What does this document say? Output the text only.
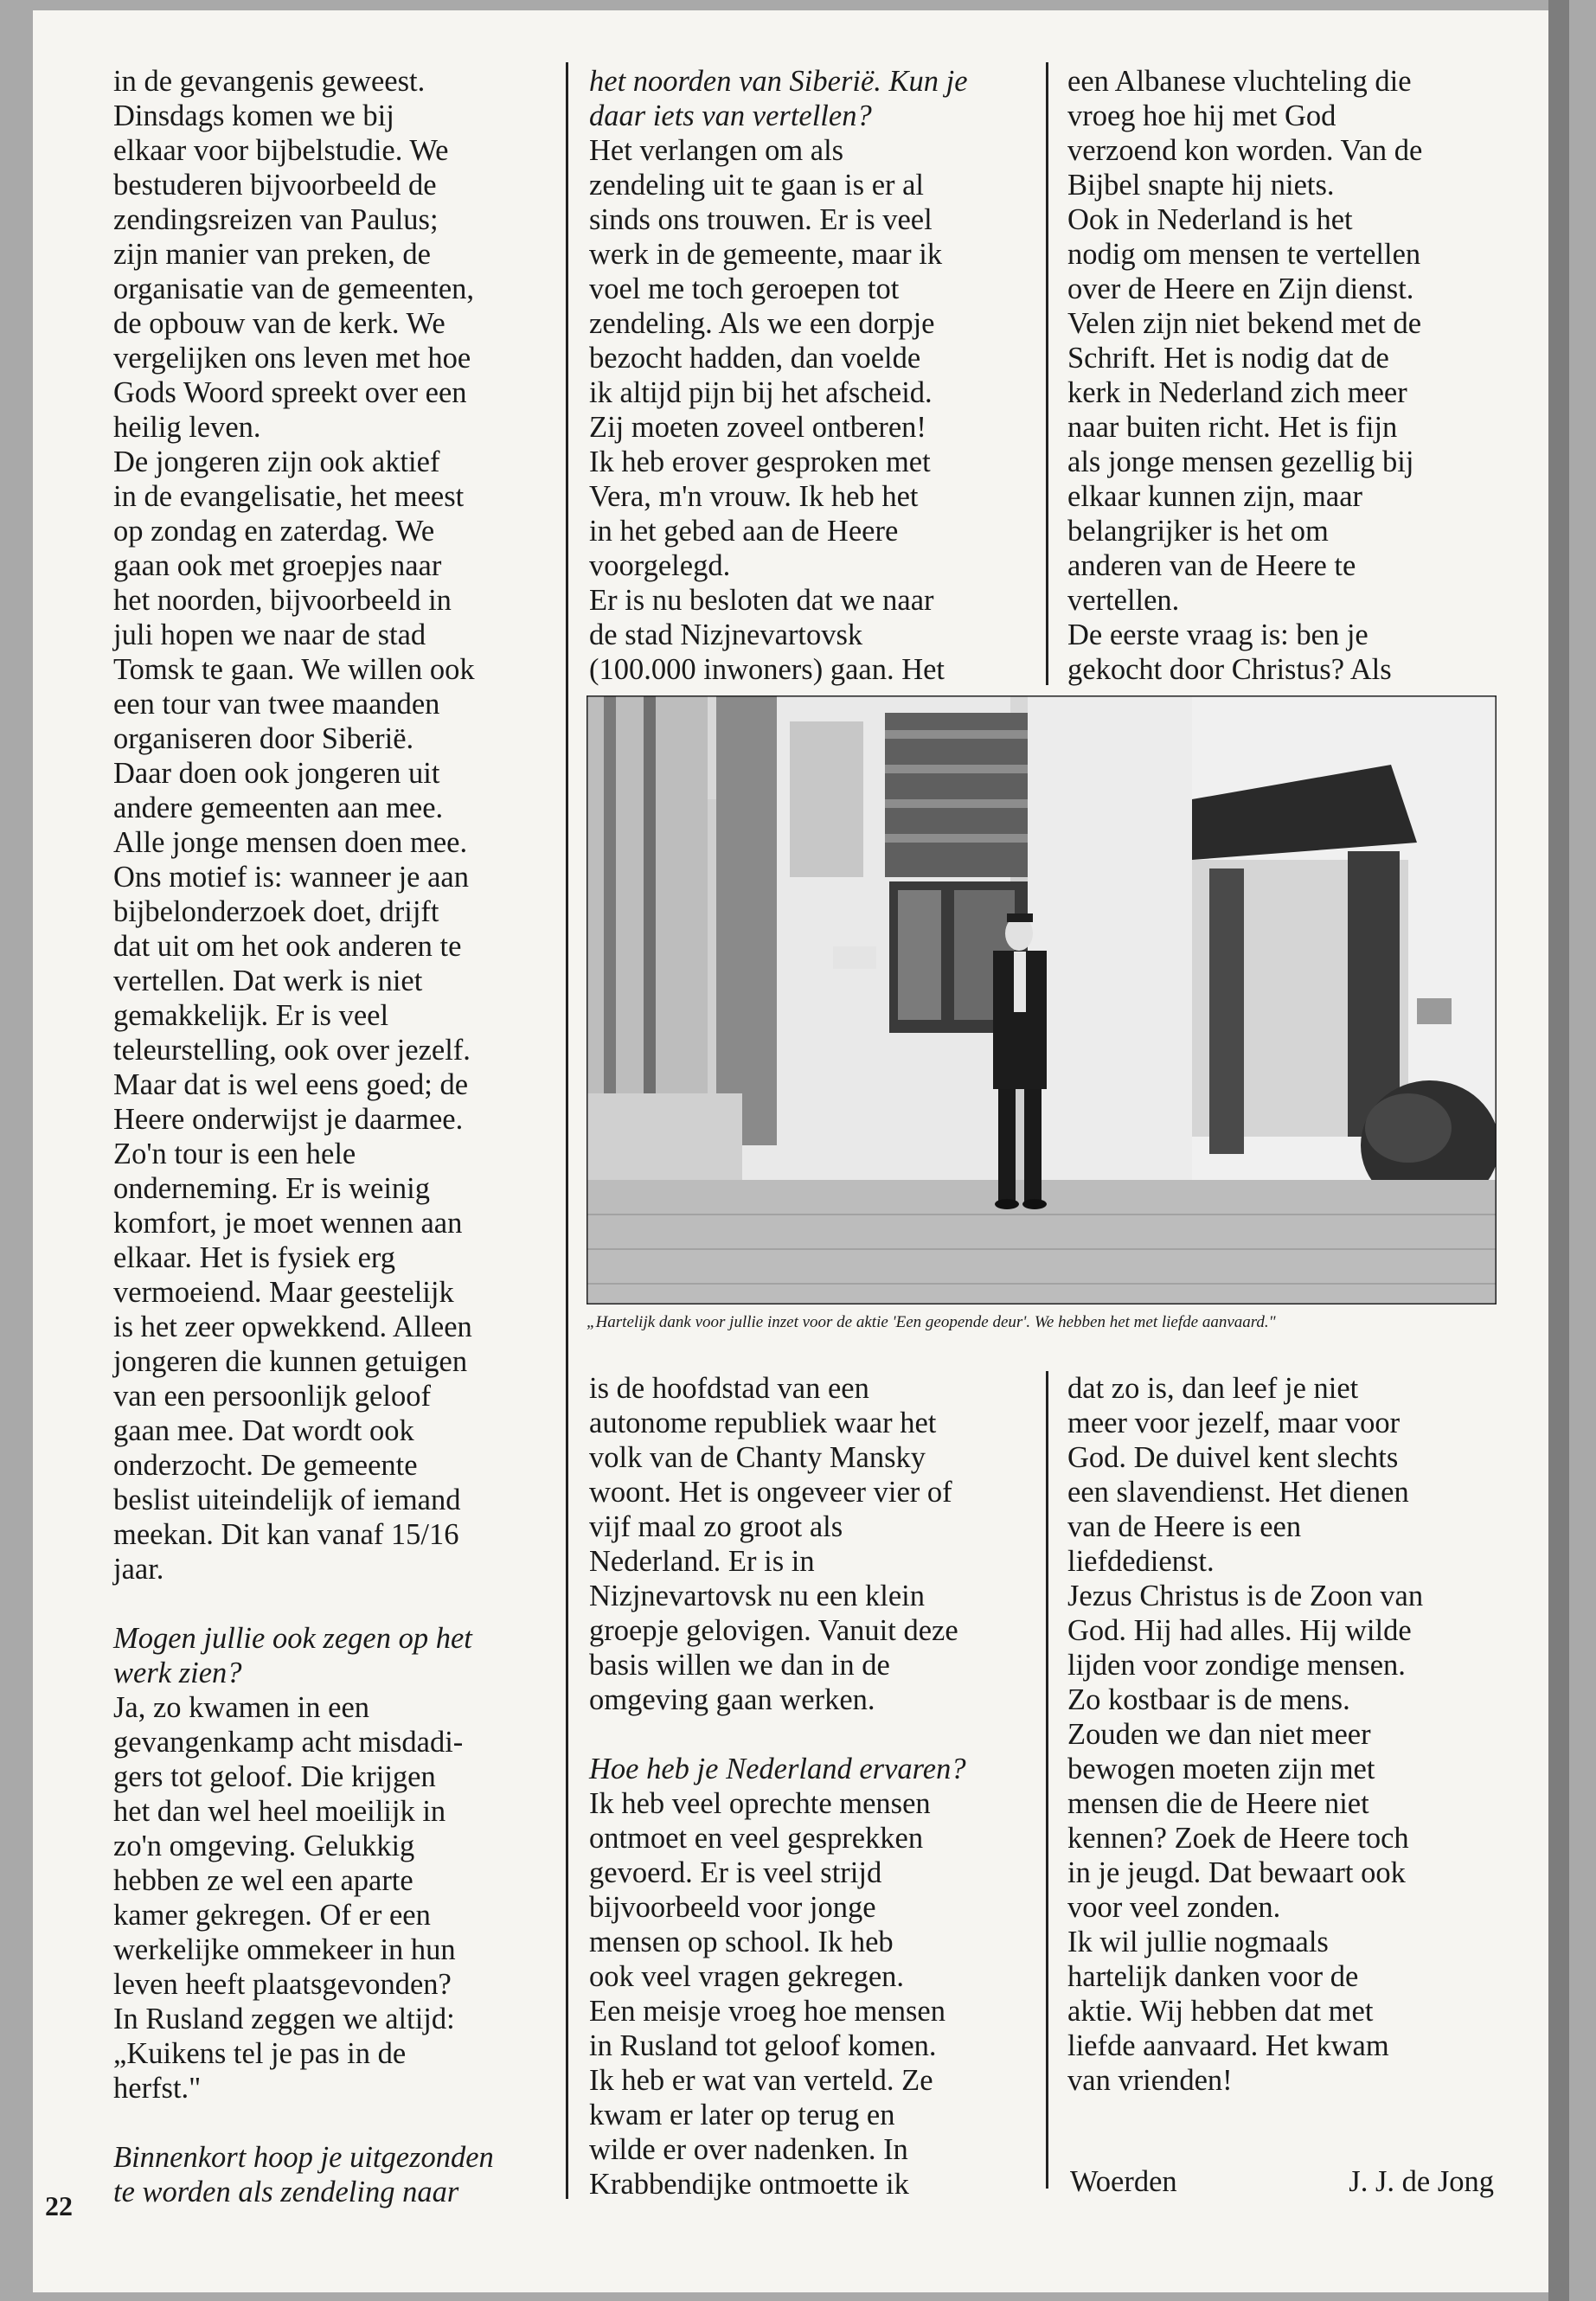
in de gevangenis geweest.

Dinsdags komen we bij

elkaar voor bijbelstudie. We

bestuderen bijvoorbeeld de

zendingsreizen van Paulus;

zijn manier van preken, de

organisatie van de gemeenten,

de opbouw van de kerk. We

vergelijken ons leven met hoe

Gods Woord spreekt over een

heilig leven.

De jongeren zijn ook aktief

in de evangelisatie, het meest

op zondag en zaterdag. We

gaan ook met groepjes naar

het noorden, bijvoorbeeld in

juli hopen we naar de stad

Tomsk te gaan. We willen ook

een tour van twee maanden

organiseren door Siberië.

Daar doen ook jongeren uit

andere gemeenten aan mee.

Alle jonge mensen doen mee.

Ons motief is: wanneer je aan

bijbelonderzoek doet, drijft

dat uit om het ook anderen te

vertellen. Dat werk is niet

gemakkelijk. Er is veel

teleurstelling, ook over jezelf.

Maar dat is wel eens goed; de

Heere onderwijst je daarmee.

Zo'n tour is een hele

onderneming. Er is weinig

komfort, je moet wennen aan

elkaar. Het is fysiek erg

vermoeiend. Maar geestelijk

is het zeer opwekkend. Alleen

jongeren die kunnen getuigen

van een persoonlijk geloof

gaan mee. Dat wordt ook

onderzocht. De gemeente

beslist uiteindelijk of iemand

meekan. Dit kan vanaf 15/16

jaar.

Mogen jullie ook zegen op het

werk zien?

Ja, zo kwamen in een

gevangenkamp acht misdadi-

gers tot geloof. Die krijgen

het dan wel heel moeilijk in

zo'n omgeving. Gelukkig

hebben ze wel een aparte

kamer gekregen. Of er een

werkelijke ommekeer in hun

leven heeft plaatsgevonden?

In Rusland zeggen we altijd:

„Kuikens tel je pas in de

herfst."

Binnenkort hoop je uitgezonden

te worden als zendeling naar

het noorden van Siberië. Kun je

daar iets van vertellen?

Het verlangen om als

zendeling uit te gaan is er al

sinds ons trouwen. Er is veel

werk in de gemeente, maar ik

voel me toch geroepen tot

zendeling. Als we een dorpje

bezocht hadden, dan voelde

ik altijd pijn bij het afscheid.

Zij moeten zoveel ontberen!

Ik heb erover gesproken met

Vera, m'n vrouw. Ik heb het

in het gebed aan de Heere

voorgelegd.

Er is nu besloten dat we naar

de stad Nizjnevartovsk

(100.000 inwoners) gaan. Het

een Albanese vluchteling die

vroeg hoe hij met God

verzoend kon worden. Van de

Bijbel snapte hij niets.

Ook in Nederland is het

nodig om mensen te vertellen

over de Heere en Zijn dienst.

Velen zijn niet bekend met de

Schrift. Het is nodig dat de

kerk in Nederland zich meer

naar buiten richt. Het is fijn

als jonge mensen gezellig bij

elkaar kunnen zijn, maar

belangrijker is het om

anderen van de Heere te

vertellen.

De eerste vraag is: ben je

gekocht door Christus? Als

„Hartelijk dank voor jullie inzet voor de aktie 'Een geopende deur'. We hebben het met liefde aanvaard."

is de hoofdstad van een

autonome republiek waar het

volk van de Chanty Mansky

woont. Het is ongeveer vier of

vijf maal zo groot als

Nederland. Er is in

Nizjnevartovsk nu een klein

groepje gelovigen. Vanuit deze

basis willen we dan in de

omgeving gaan werken.

Hoe heb je Nederland ervaren?

Ik heb veel oprechte mensen

ontmoet en veel gesprekken

gevoerd. Er is veel strijd

bijvoorbeeld voor jonge

mensen op school. Ik heb

ook veel vragen gekregen.

Een meisje vroeg hoe mensen

in Rusland tot geloof komen.

Ik heb er wat van verteld. Ze

kwam er later op terug en

wilde er over nadenken. In

Krabbendijke ontmoette ik

dat zo is, dan leef je niet

meer voor jezelf, maar voor

God. De duivel kent slechts

een slavendienst. Het dienen

van de Heere is een

liefdedienst.

Jezus Christus is de Zoon van

God. Hij had alles. Hij wilde

lijden voor zondige mensen.

Zo kostbaar is de mens.

Zouden we dan niet meer

bewogen moeten zijn met

mensen die de Heere niet

kennen? Zoek de Heere toch

in je jeugd. Dat bewaart ook

voor veel zonden.

Ik wil jullie nogmaals

hartelijk danken voor de

aktie. Wij hebben dat met

liefde aanvaard. Het kwam

van vrienden!

Woerden	J. J. de Jong
22
